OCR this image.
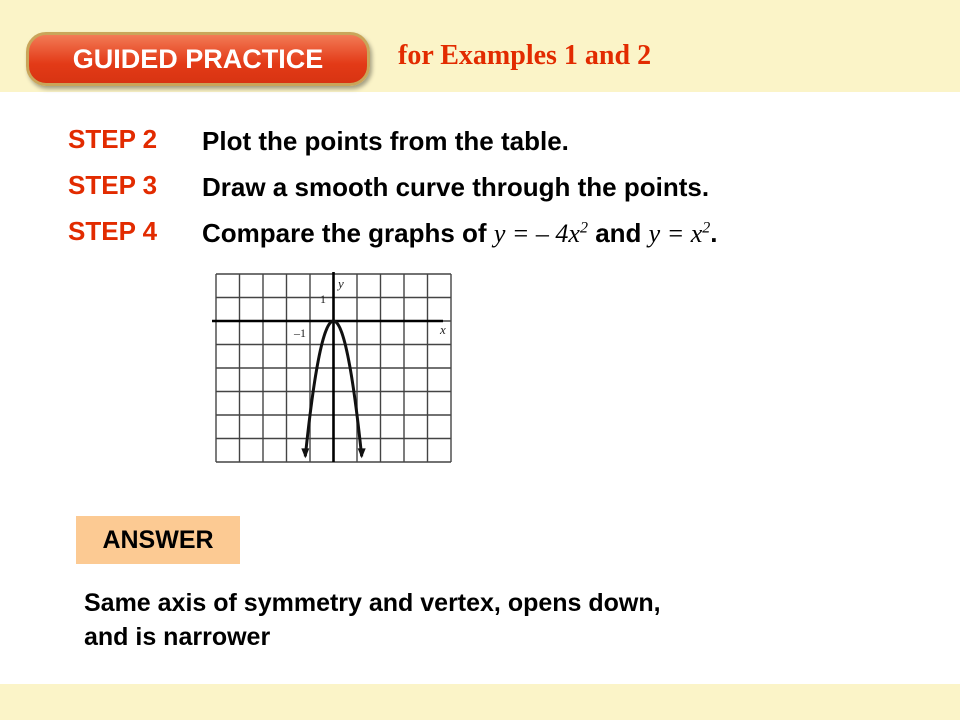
GUIDED PRACTICE	for Examples 1 and 2
STEP 2 Plot the points from the table.
STEP 3 Draw a smooth curve through the points.
STEP 4 Compare the graphs of y = – $4x^2$ and $y = x^2$.
y
x
1
–1
ANSWER
Same axis of symmetry and vertex, opens down,
and is narrower
